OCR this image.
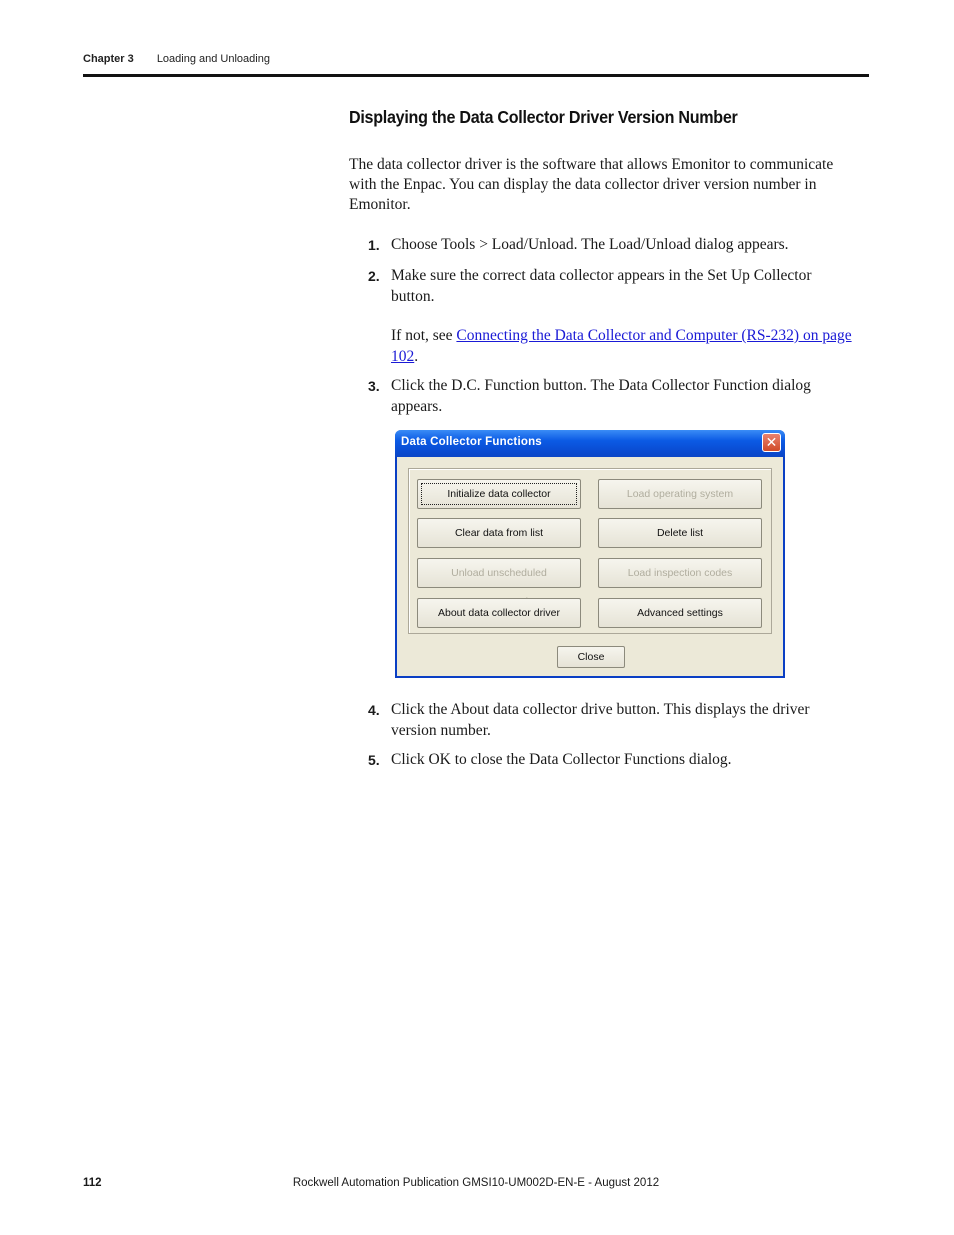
Chapter 3 Loading and Unloading
Displaying the Data Collector Driver Version Number

The data collector driver is the software that allows Emonitor to communicate with the Enpac. You can display the data collector driver version number in Emonitor.

1. Choose Tools > Load/Unload. The Load/Unload dialog appears.
2. Make sure the correct data collector appears in the Set Up Collector button.
If not, see Connecting the Data Collector and Computer (RS-232) on page 102.
3. Click the D.C. Function button. The Data Collector Function dialog appears.
Data Collector Functions	✕
Initialize data collector	Load operating system
Clear data from list	Delete list
Unload unscheduled	Load inspection codes
About data collector driver	Advanced settings
Close
4. Click the About data collector drive button. This displays the driver version number.
5. Click OK to close the Data Collector Functions dialog.
Rockwell Automation Publication GMSI10-UM002D-EN-E - August 2012
112
